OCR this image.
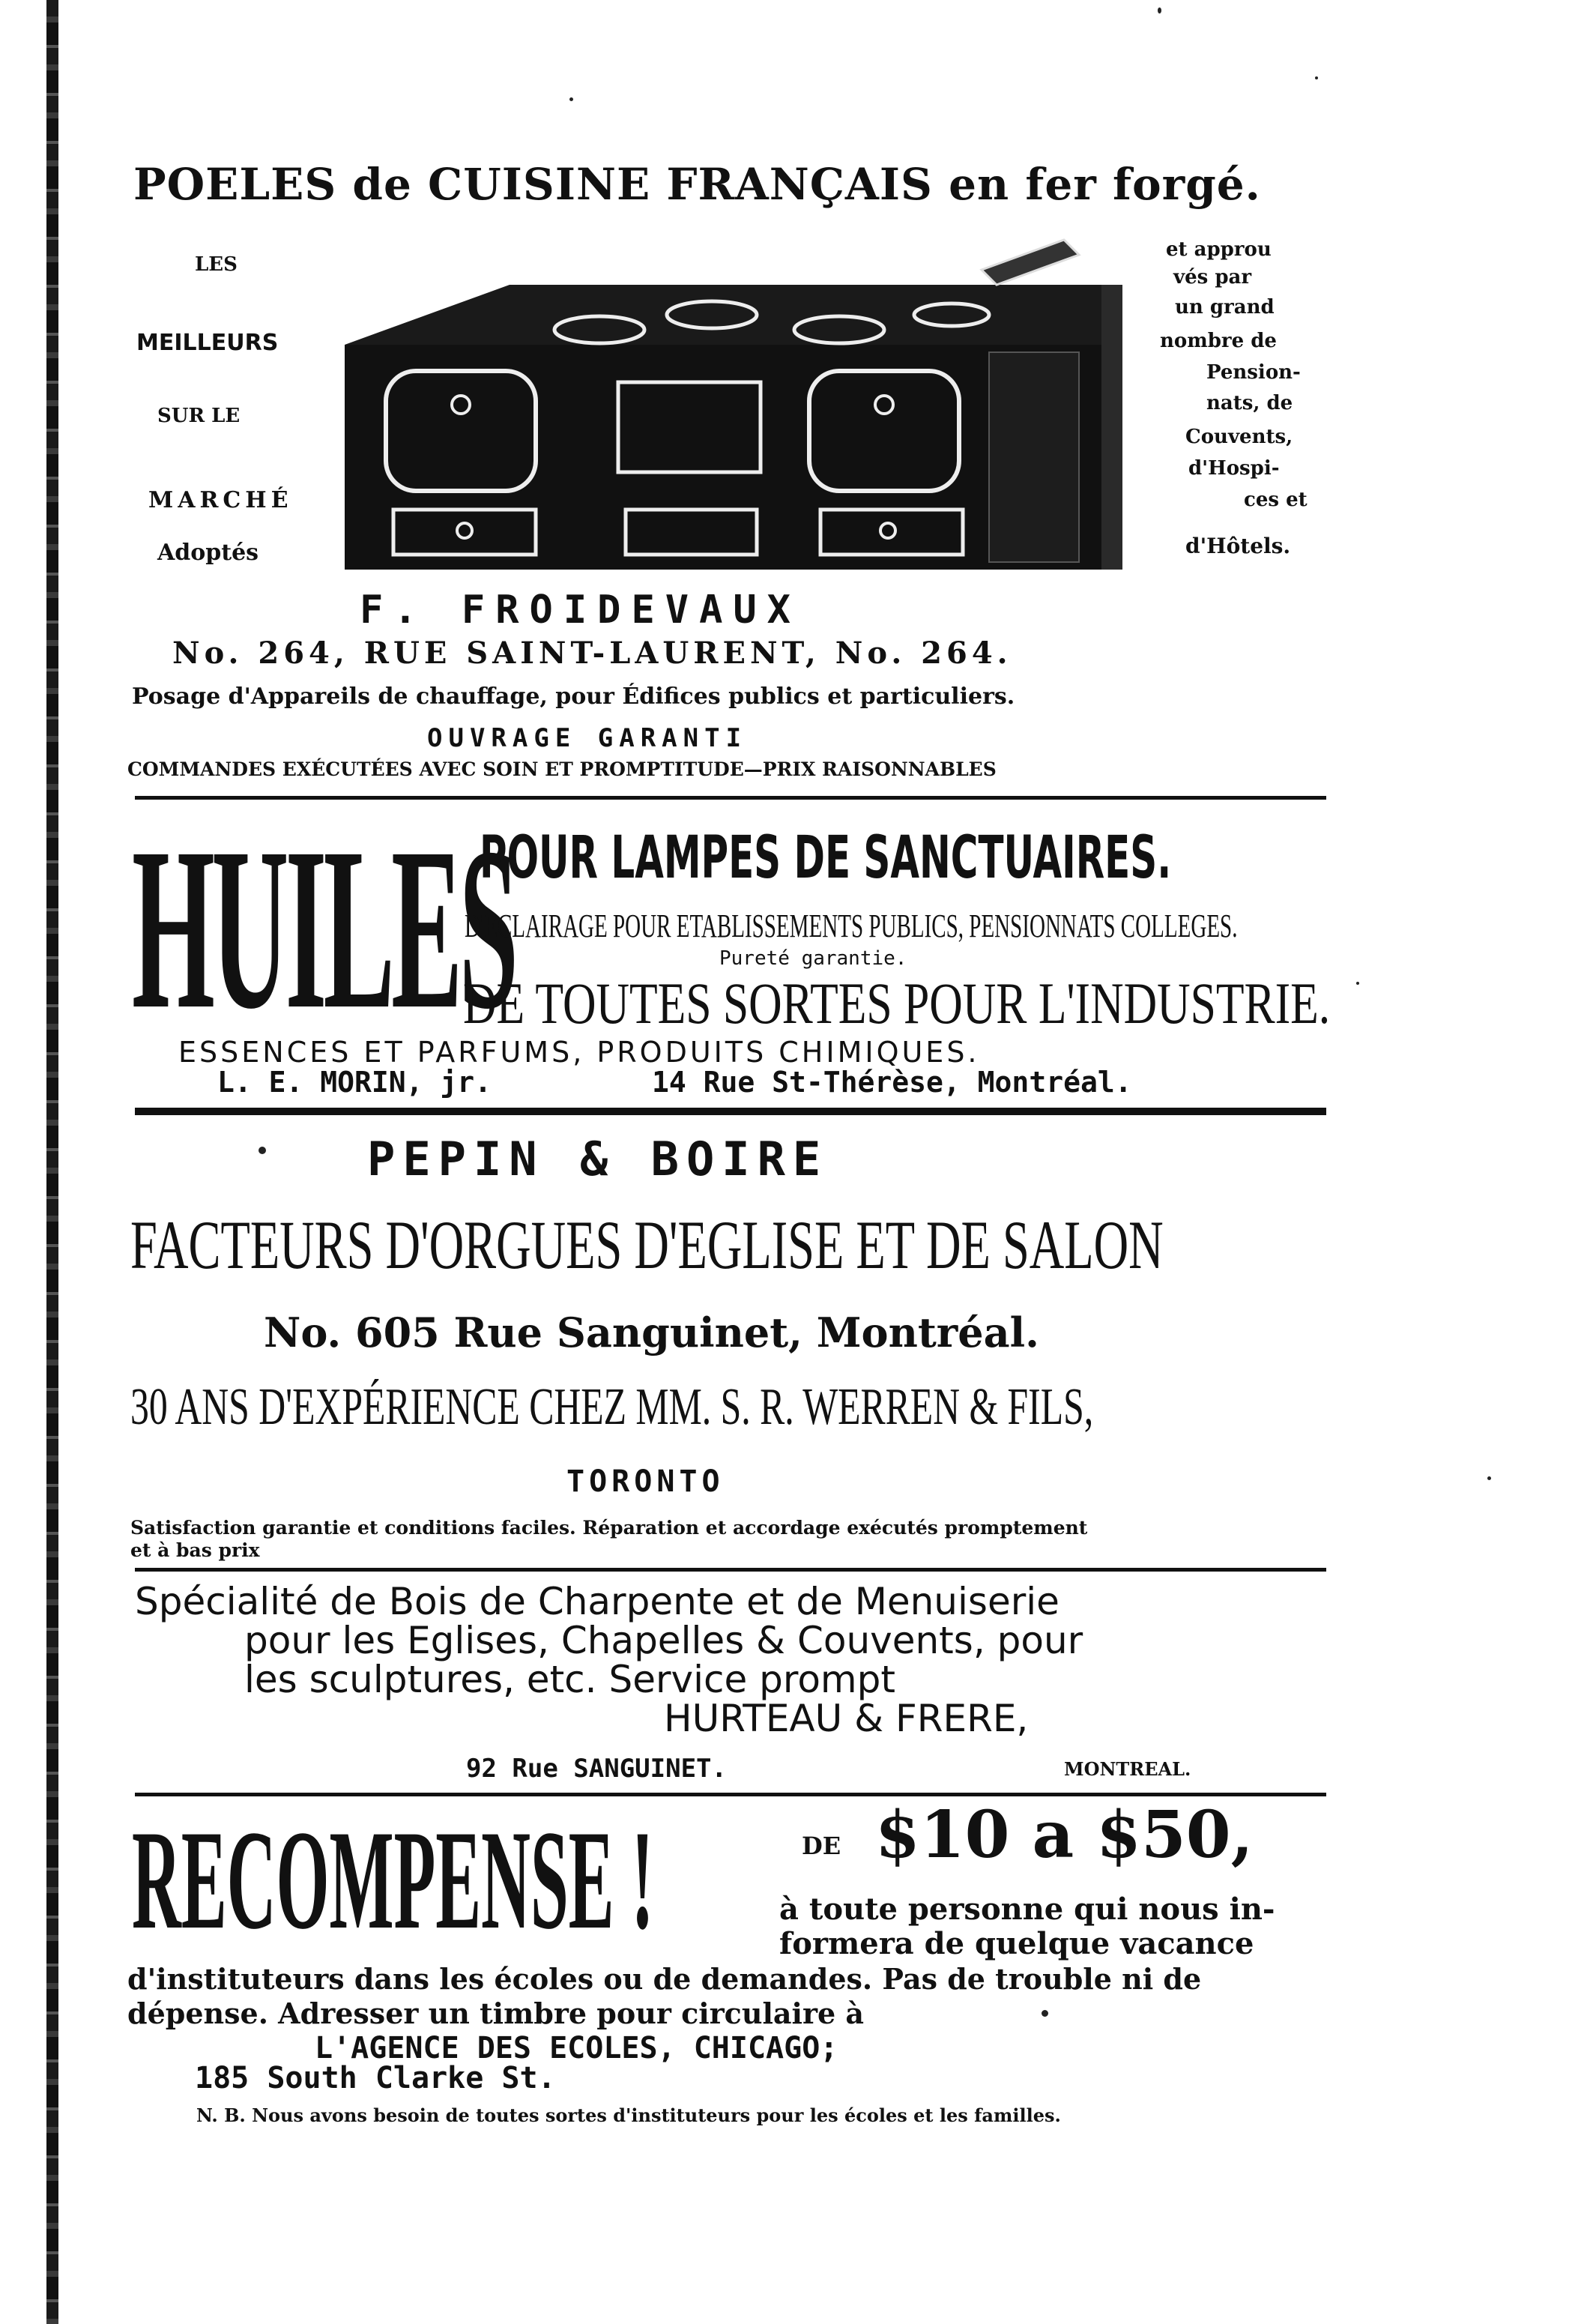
POELES de CUISINE FRANÇAIS en fer forgé.
LES
MEILLEURS
SUR LE
MARCHÉ
Adoptés
et approu
vés par
un grand
nombre de
Pension-
nats, de
Couvents,
d'Hospi-
ces et
d'Hôtels.
F. FROIDEVAUX
No. 264, RUE SAINT-LAURENT, No. 264.
Posage d'Appareils de chauffage, pour Édifices publics et particuliers.
OUVRAGE GARANTI
COMMANDES EXÉCUTÉES AVEC SOIN ET PROMPTITUDE—PRIX RAISONNABLES
HUILES
POUR LAMPES DE SANCTUAIRES.
D'ECLAIRAGE POUR ETABLISSEMENTS PUBLICS, PENSIONNATS COLLEGES.
Pureté garantie.
DE TOUTES SORTES POUR L'INDUSTRIE.
ESSENCES ET PARFUMS, PRODUITS CHIMIQUES.
L. E. MORIN, jr.	14 Rue St-Thérèse, Montréal.
PEPIN & BOIRE
FACTEURS D'ORGUES D'EGLISE ET DE SALON
No. 605 Rue Sanguinet, Montréal.
30 ANS D'EXPÉRIENCE CHEZ MM. S. R. WERREN & FILS,
TORONTO
Satisfaction garantie et conditions faciles. Réparation et accordage exécutés promptement
et à bas prix
Spécialité de Bois de Charpente et de Menuiserie
pour les Eglises, Chapelles & Couvents, pour
les sculptures, etc. Service prompt
HURTEAU & FRERE,
92 Rue SANGUINET.	MONTREAL.
RECOMPENSE !	DE $10 a $50,
à toute personne qui nous in-
formera de quelque vacance
d'instituteurs dans les écoles ou de demandes. Pas de trouble ni de
dépense. Adresser un timbre pour circulaire à
L'AGENCE DES ECOLES, CHICAGO;
185 South Clarke St.
N. B. Nous avons besoin de toutes sortes d'instituteurs pour les écoles et les familles.
